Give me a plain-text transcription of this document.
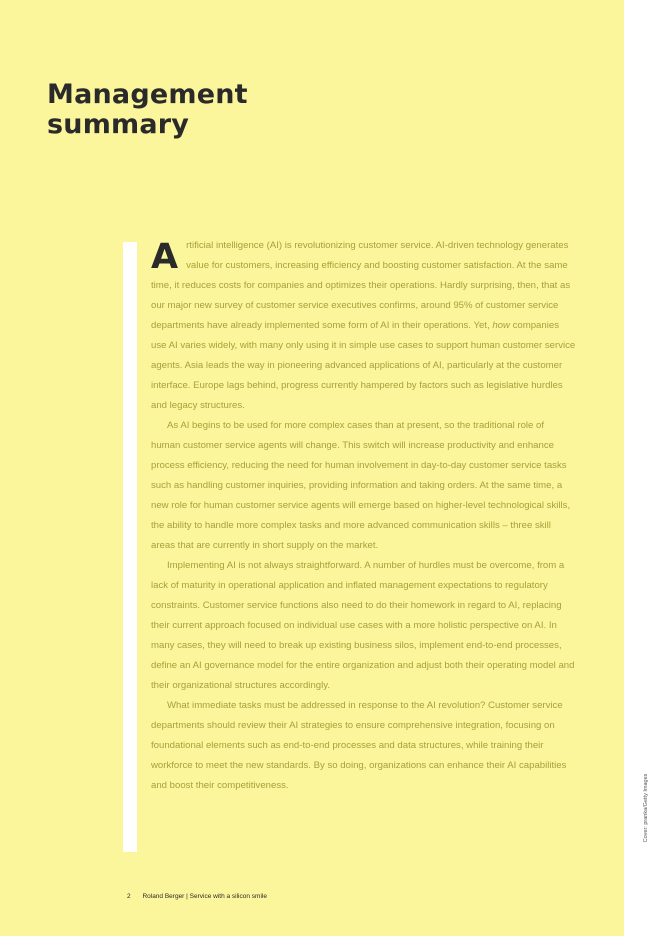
Management
summary

Artificial intelligence (AI) is revolutionizing customer service. AI-driven technology generates value for customers, increasing efficiency and boosting customer satisfaction. At the same time, it reduces costs for companies and optimizes their operations. Hardly surprising, then, that as our major new survey of customer service executives confirms, around 95% of customer service departments have already implemented some form of AI in their operations. Yet, how companies use AI varies widely, with many only using it in simple use cases to support human customer service agents. Asia leads the way in pioneering advanced applications of AI, particularly at the customer interface. Europe lags behind, progress currently hampered by factors such as legislative hurdles and legacy structures.

As AI begins to be used for more complex cases than at present, so the traditional role of human customer service agents will change. This switch will increase productivity and enhance process efficiency, reducing the need for human involvement in day-to-day customer service tasks such as handling customer inquiries, providing information and taking orders. At the same time, a new role for human customer service agents will emerge based on higher-level technological skills, the ability to handle more complex tasks and more advanced communication skills – three skill areas that are currently in short supply on the market.

Implementing AI is not always straightforward. A number of hurdles must be overcome, from a lack of maturity in operational application and inflated management expectations to regulatory constraints. Customer service functions also need to do their homework in regard to AI, replacing their current approach focused on individual use cases with a more holistic perspective on AI. In many cases, they will need to break up existing business silos, implement end-to-end processes, define an AI governance model for the entire organization and adjust both their operating model and their organizational structures accordingly.

What immediate tasks must be addressed in response to the AI revolution? Customer service departments should review their AI strategies to ensure comprehensive integration, focusing on foundational elements such as end-to-end processes and data structures, while training their workforce to meet the new standards. By so doing, organizations can enhance their AI capabilities and boost their competitiveness.

2 Roland Berger | Service with a silicon smile
Cover: pranka/Getty Images
